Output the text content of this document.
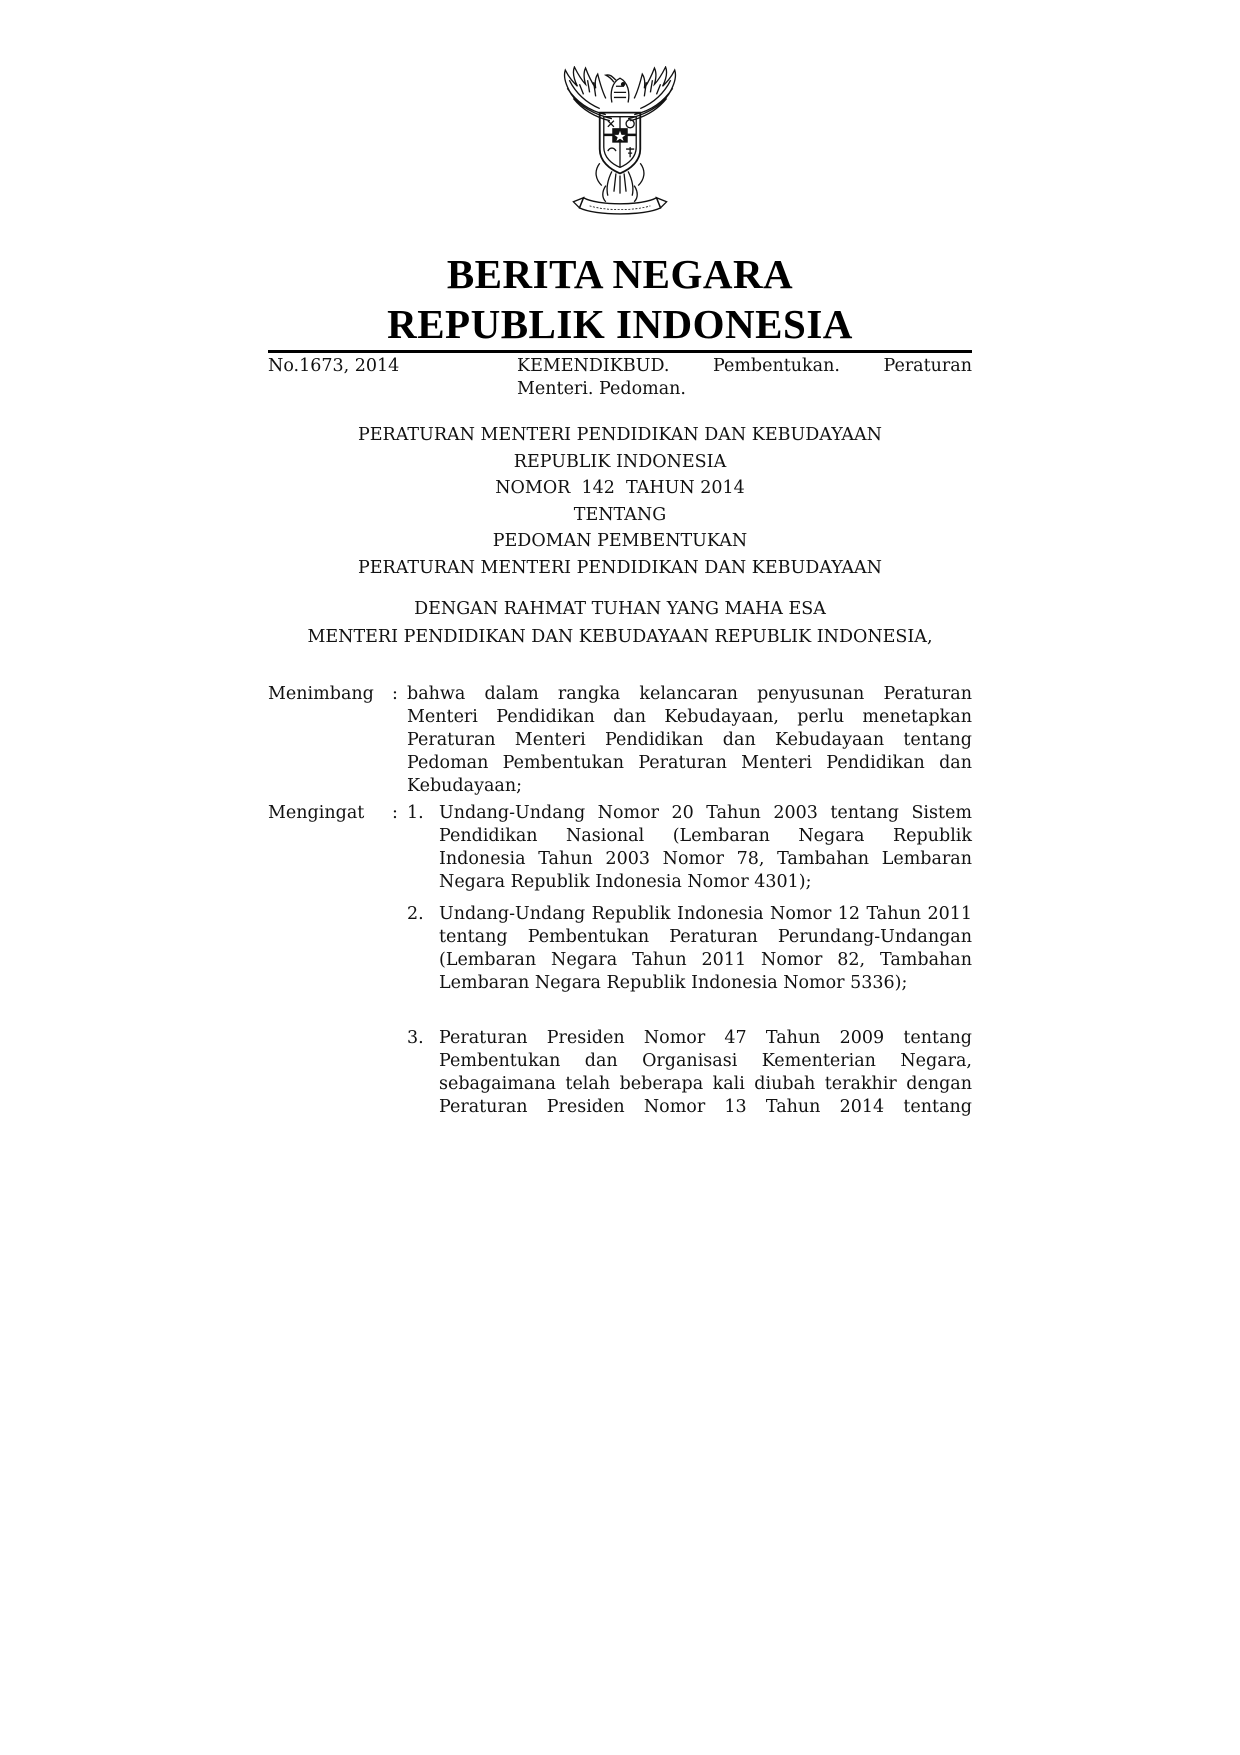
BERITA NEGARA
REPUBLIK INDONESIA
No.1673, 2014	KEMENDIKBUD. Pembentukan. Peraturan Menteri. Pedoman.
PERATURAN MENTERI PENDIDIKAN DAN KEBUDAYAAN
REPUBLIK INDONESIA
NOMOR  142  TAHUN 2014
TENTANG
PEDOMAN PEMBENTUKAN
PERATURAN MENTERI PENDIDIKAN DAN KEBUDAYAAN
DENGAN RAHMAT TUHAN YANG MAHA ESA
MENTERI PENDIDIKAN DAN KEBUDAYAAN REPUBLIK INDONESIA,
Menimbang : bahwa dalam rangka kelancaran penyusunan Peraturan Menteri Pendidikan dan Kebudayaan, perlu menetapkan Peraturan Menteri Pendidikan dan Kebudayaan tentang Pedoman Pembentukan Peraturan Menteri Pendidikan dan Kebudayaan;
Mengingat : 1. Undang-Undang Nomor 20 Tahun 2003 tentang Sistem Pendidikan Nasional (Lembaran Negara Republik Indonesia Tahun 2003 Nomor 78, Tambahan Lembaran Negara Republik Indonesia Nomor 4301);
2. Undang-Undang Republik Indonesia Nomor 12 Tahun 2011 tentang Pembentukan Peraturan Perundang-Undangan (Lembaran Negara Tahun 2011 Nomor 82, Tambahan Lembaran Negara Republik Indonesia Nomor 5336);
3. Peraturan Presiden Nomor 47 Tahun 2009 tentang Pembentukan dan Organisasi Kementerian Negara, sebagaimana telah beberapa kali diubah terakhir dengan Peraturan Presiden Nomor 13 Tahun 2014 tentang
